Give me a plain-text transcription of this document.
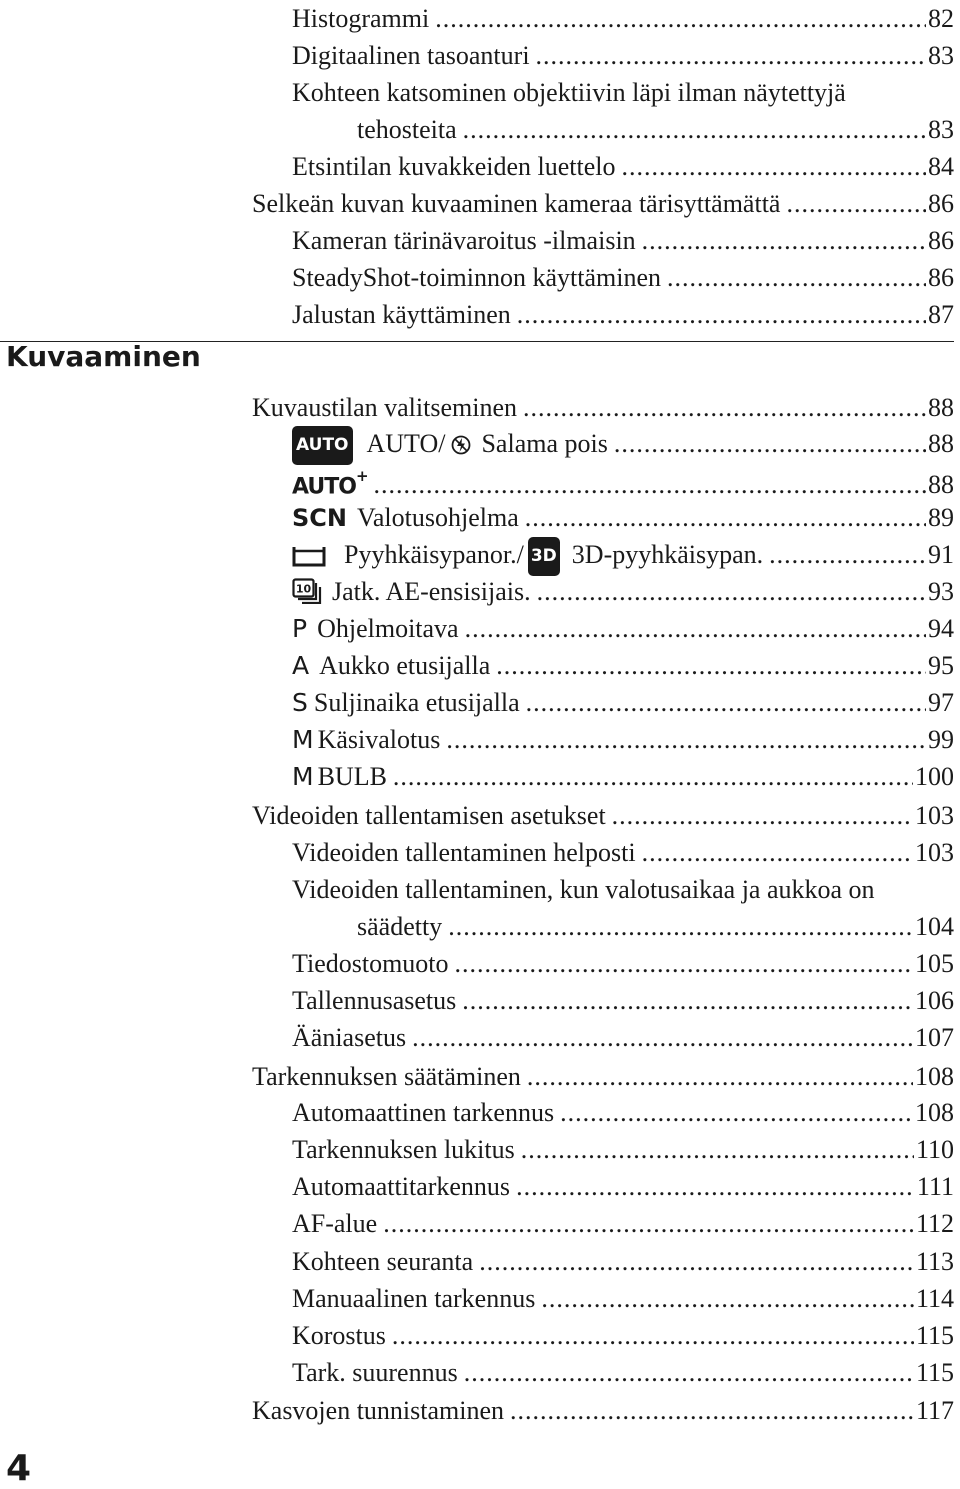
Histogrammi .....	82
Digitaalinen tasoanturi .....	83
Kohteen katsominen objektiivin läpi ilman näytettyjä
tehosteita .....	83
Etsintilan kuvakkeiden luettelo .....	84
Selkeän kuvan kuvaaminen kameraa tärisyttämättä .....	86
Kameran tärinävaroitus -ilmaisin .....	86
SteadyShot-toiminnon käyttäminen .....	86
Jalustan käyttäminen .....	87
Kuvaaminen
Kuvaustilan valitseminen .....	88
AUTO AUTO/ Salama pois .....	88
AUTO+ .....	88
SCN Valotusohjelma .....	89
Pyyhkäisypanor./ 3D 3D-pyyhkäisypan. .....	91
10 Jatk. AE-ensisijais. .....	93
P Ohjelmoitava .....	94
A Aukko etusijalla .....	95
S Suljinaika etusijalla .....	97
M Käsivalotus .....	99
M BULB .....	100
Videoiden tallentamisen asetukset .....	103
Videoiden tallentaminen helposti .....	103
Videoiden tallentaminen, kun valotusaikaa ja aukkoa on
säädetty .....	104
Tiedostomuoto .....	105
Tallennusasetus .....	106
Ääniasetus .....	107
Tarkennuksen säätäminen .....	108
Automaattinen tarkennus .....	108
Tarkennuksen lukitus .....	110
Automaattitarkennus .....	111
AF-alue .....	112
Kohteen seuranta .....	113
Manuaalinen tarkennus .....	114
Korostus .....	115
Tark. suurennus .....	115
Kasvojen tunnistaminen .....	117
4
